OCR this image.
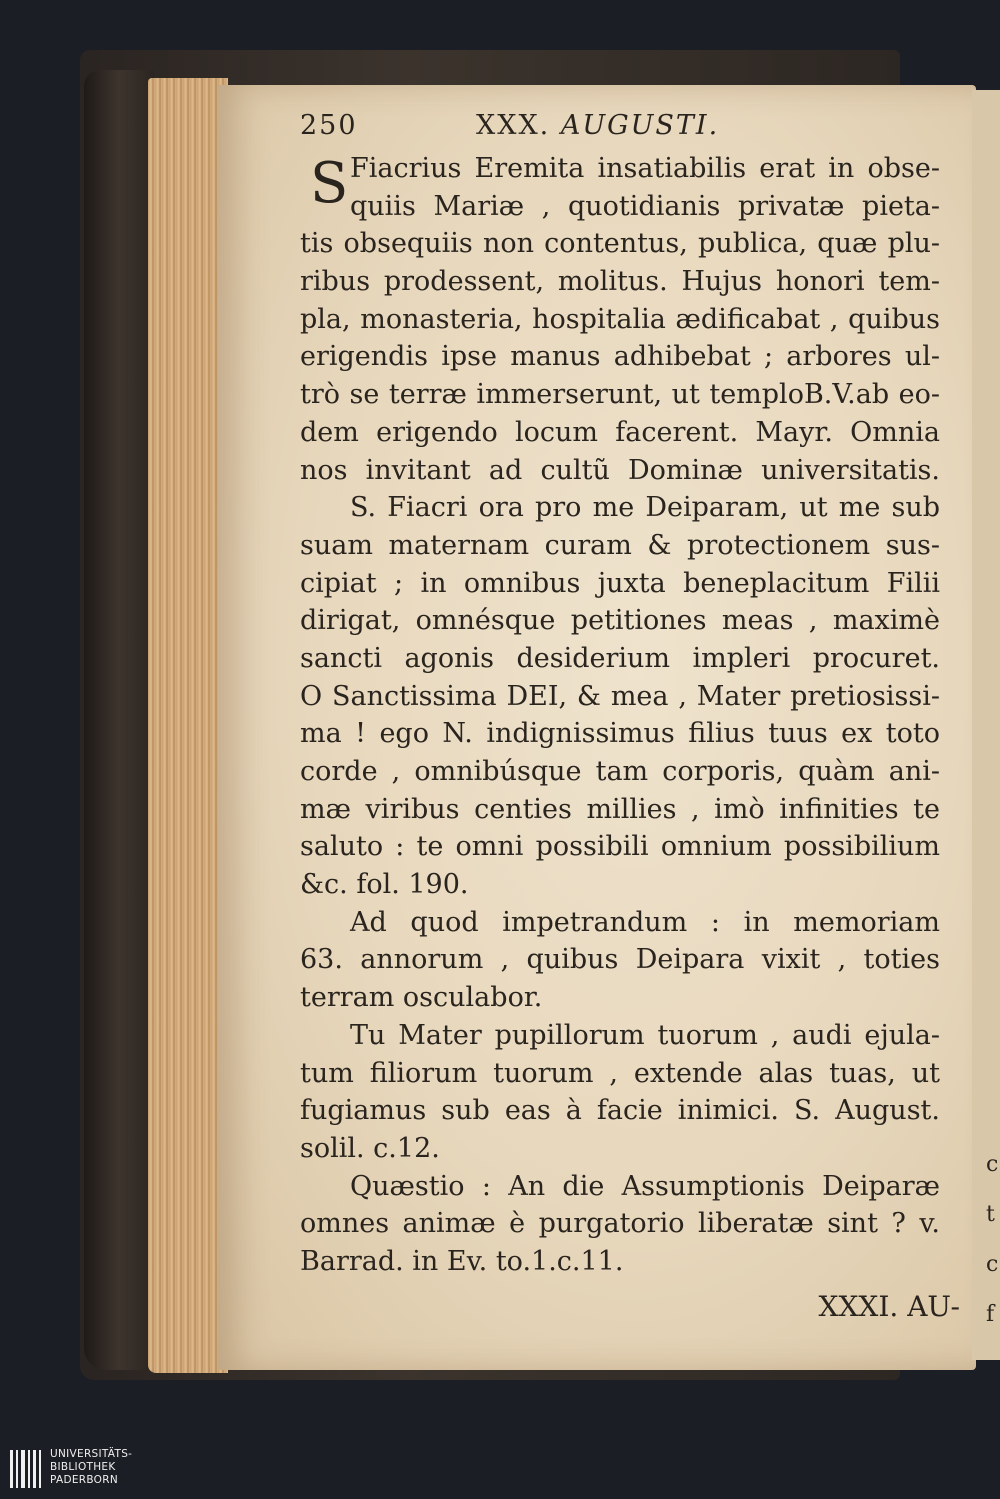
c
t
c
f
250	XXX. AUGUSTI.
S Fiacrius Eremita insatiabilis erat in obse-
quiis Mariæ , quotidianis privatæ pieta-
tis obsequiis non contentus, publica, quæ plu-
ribus prodessent, molitus. Hujus honori tem-
pla, monasteria, hospitalia ædificabat , quibus
erigendis ipse manus adhibebat ; arbores ul-
trò se terræ immerserunt, ut temploB.V.ab eo-
dem erigendo locum facerent. Mayr. Omnia
nos invitant ad cultũ Dominæ universitatis.
S. Fiacri ora pro me Deiparam, ut me sub
suam maternam curam & protectionem sus-
cipiat ; in omnibus juxta beneplacitum Filii
dirigat, omnésque petitiones meas , maximè
sancti agonis desiderium impleri procuret.
O Sanctissima DEI, & mea , Mater pretiosissi-
ma ! ego N. indignissimus filius tuus ex toto
corde , omnibúsque tam corporis, quàm ani-
mæ viribus centies millies , imò infinities te
saluto : te omni possibili omnium possibilium
&c. fol. 190.
Ad quod impetrandum : in memoriam
63. annorum , quibus Deipara vixit , toties
terram osculabor.
Tu Mater pupillorum tuorum , audi ejula-
tum filiorum tuorum , extende alas tuas, ut
fugiamus sub eas à facie inimici. S. August.
solil. c.12.
Quæstio : An die Assumptionis Deiparæ
omnes animæ è purgatorio liberatæ sint ? v.
Barrad. in Ev. to.1.c.11.
XXXI. AU-
UNIVERSITÄTS-
BIBLIOTHEK
PADERBORN
